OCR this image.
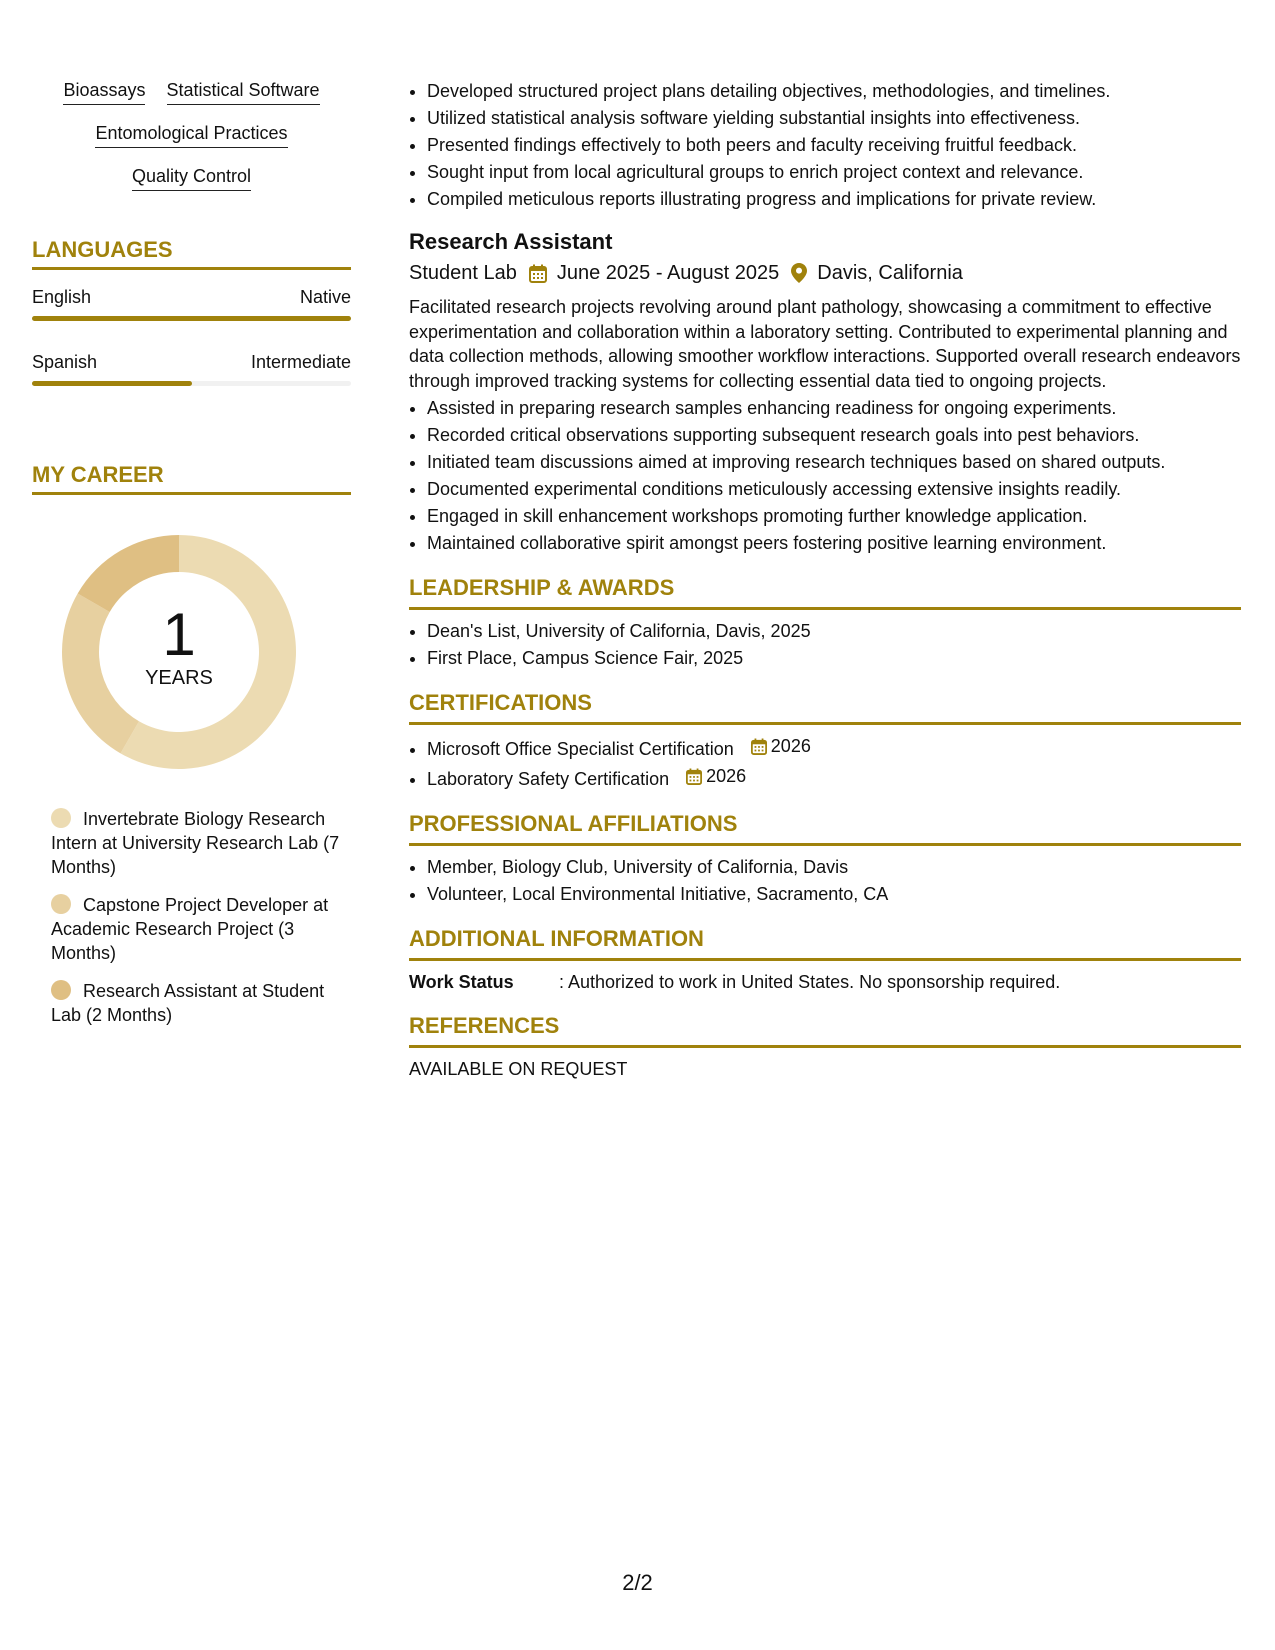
Bioassays Statistical Software
Entomological Practices
Quality Control
LANGUAGES
English	Native
Spanish	Intermediate
MY CAREER
1
YEARS
Invertebrate Biology Research Intern at University Research Lab (7 Months)
Capstone Project Developer at Academic Research Project (3 Months)
Research Assistant at Student Lab (2 Months)
• Developed structured project plans detailing objectives, methodologies, and timelines.
• Utilized statistical analysis software yielding substantial insights into effectiveness.
• Presented findings effectively to both peers and faculty receiving fruitful feedback.
• Sought input from local agricultural groups to enrich project context and relevance.
• Compiled meticulous reports illustrating progress and implications for private review.
Research Assistant
Student Lab June 2025 - August 2025 Davis, California

Facilitated research projects revolving around plant pathology, showcasing a commitment to effective experimentation and collaboration within a laboratory setting. Contributed to experimental planning and data collection methods, allowing smoother workflow interactions. Supported overall research endeavors through improved tracking systems for collecting essential data tied to ongoing projects.

• Assisted in preparing research samples enhancing readiness for ongoing experiments.
• Recorded critical observations supporting subsequent research goals into pest behaviors.
• Initiated team discussions aimed at improving research techniques based on shared outputs.
• Documented experimental conditions meticulously accessing extensive insights readily.
• Engaged in skill enhancement workshops promoting further knowledge application.
• Maintained collaborative spirit amongst peers fostering positive learning environment.
LEADERSHIP & AWARDS
• Dean's List, University of California, Davis, 2025
• First Place, Campus Science Fair, 2025
CERTIFICATIONS
• Microsoft Office Specialist Certification 2026
• Laboratory Safety Certification 2026
PROFESSIONAL AFFILIATIONS
• Member, Biology Club, University of California, Davis
• Volunteer, Local Environmental Initiative, Sacramento, CA
ADDITIONAL INFORMATION
Work Status	: Authorized to work in United States. No sponsorship required.
REFERENCES
AVAILABLE ON REQUEST
2/2
